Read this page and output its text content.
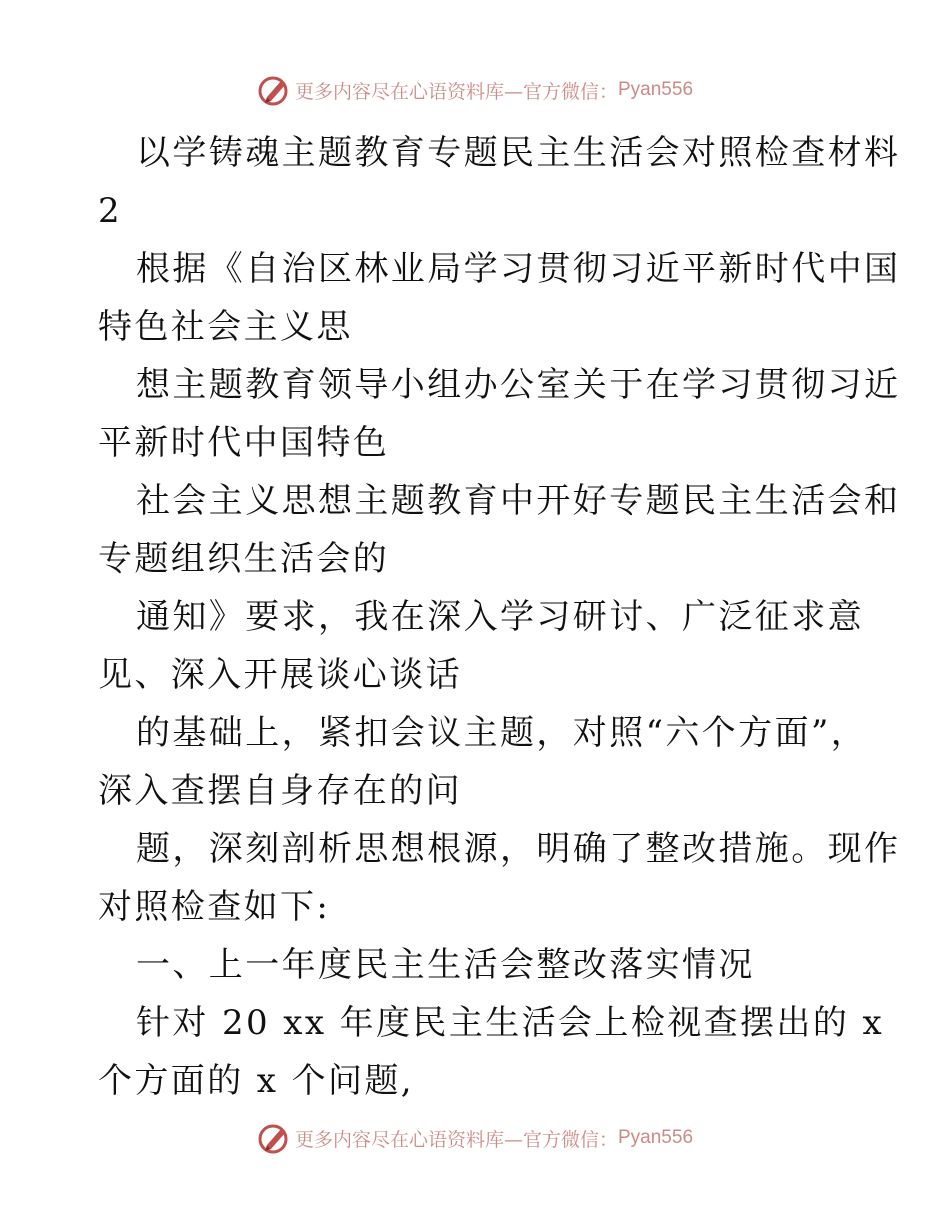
更多内容尽在心语资料库—官方微信： Pyan556
以学铸魂主题教育专题民主生活会对照检查材料
2
根据《自治区林业局学习贯彻习近平新时代中国
特色社会主义思
想主题教育领导小组办公室关于在学习贯彻习近
平新时代中国特色
社会主义思想主题教育中开好专题民主生活会和
专题组织生活会的
通知》要求，我在深入学习研讨、广泛征求意
见、深入开展谈心谈话
的基础上，紧扣会议主题，对照“六个方面”，
深入查摆自身存在的问
题，深刻剖析思想根源，明确了整改措施。现作
对照检查如下:
一、上一年度民主生活会整改落实情况
针对 20 xx 年度民主生活会上检视查摆出的 x
个方面的 x 个问题,
更多内容尽在心语资料库—官方微信： Pyan556
